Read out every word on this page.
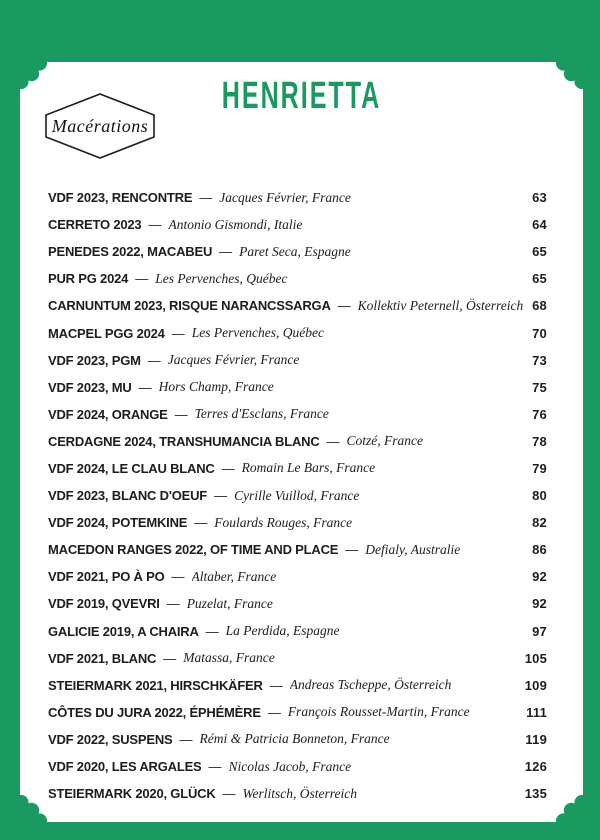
HENRIETTA
Macérations
VDF 2023, RENCONTRE — Jacques Février, France	63
CERRETO 2023 — Antonio Gismondi, Italie	64
PENEDES 2022, MACABEU — Paret Seca, Espagne	65
PUR PG 2024 — Les Pervenches, Québec	65
CARNUNTUM 2023, RISQUE NARANCSSARGA — Kollektiv Peternell, Österreich 68
MACPEL PGG 2024 — Les Pervenches, Québec	70
VDF 2023, PGM — Jacques Février, France	73
VDF 2023, MU — Hors Champ, France	75
VDF 2024, ORANGE — Terres d'Esclans, France	76
CERDAGNE 2024, TRANSHUMANCIA BLANC — Cotzé, France	78
VDF 2024, LE CLAU BLANC — Romain Le Bars, France	79
VDF 2023, BLANC D'OEUF — Cyrille Vuillod, France	80
VDF 2024, POTEMKINE — Foulards Rouges, France	82
MACEDON RANGES 2022, OF TIME AND PLACE — Defialy, Australie	86
VDF 2021, PO À PO — Altaber, France	92
VDF 2019, QVEVRI — Puzelat, France	92
GALICIE 2019, A CHAIRA — La Perdida, Espagne	97
VDF 2021, BLANC — Matassa, France	105
STEIERMARK 2021, HIRSCHKÄFER — Andreas Tscheppe, Österreich	109
CÔTES DU JURA 2022, ÉPHÉMÈRE — François Rousset-Martin, France	111
VDF 2022, SUSPENS — Rémi & Patricia Bonneton, France	119
VDF 2020, LES ARGALES — Nicolas Jacob, France	126
STEIERMARK 2020, GLÜCK — Werlitsch, Österreich	135
